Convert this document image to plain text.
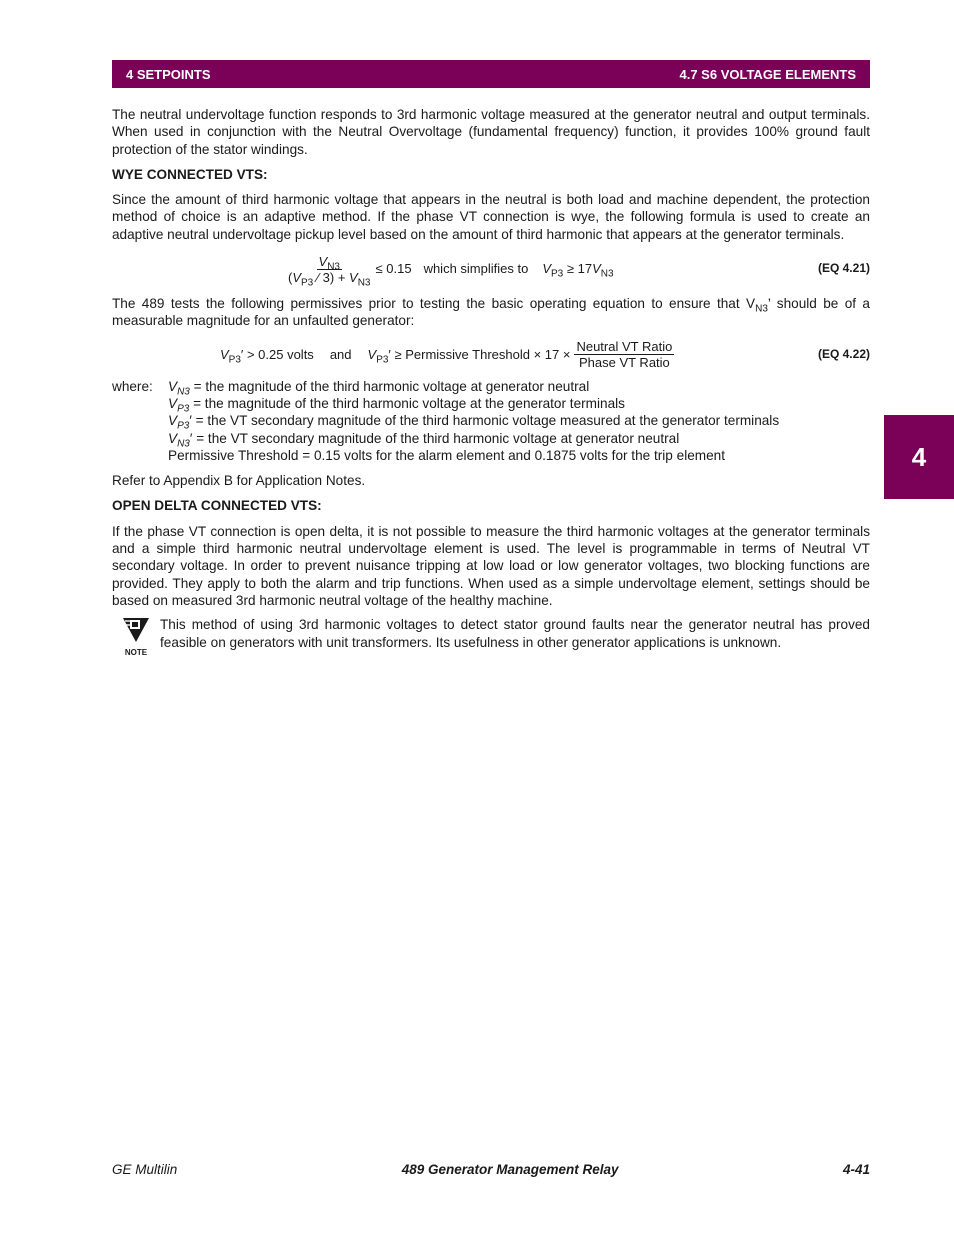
4 SETPOINTS	4.7 S6 VOLTAGE ELEMENTS
4

The neutral undervoltage function responds to 3rd harmonic voltage measured at the generator neutral and output terminals. When used in conjunction with the Neutral Overvoltage (fundamental frequency) function, it provides 100% ground fault protection of the stator windings.

WYE CONNECTED VTS:

Since the amount of third harmonic voltage that appears in the neutral is both load and machine dependent, the protection method of choice is an adaptive method. If the phase VT connection is wye, the following formula is used to create an adaptive neutral undervoltage pickup level based on the amount of third harmonic that appears at the generator terminals.

$\frac{V_{N3}}{(V_{P3} ⁄ 3) + V_{N3}} \le 0.15$ which simplifies to $V_{P3} \ge 17V_{N3}$	(EQ 4.21)

The 489 tests the following permissives prior to testing the basic operating equation to ensure that $V_{N3}$’ should be of a measurable magnitude for an unfaulted generator:

$V_{P3}' > 0.25$ volts and $V_{P3}'$ ≥ Permissive Threshold × $17 \times \frac{\text{Neutral VT Ratio}}{\text{Phase VT Ratio}}$	(EQ 4.22)
where:	$V_{N3}$ = the magnitude of the third harmonic voltage at generator neutral
$V_{P3}$ = the magnitude of the third harmonic voltage at the generator terminals
$V_{P3}'$ = the VT secondary magnitude of the third harmonic voltage measured at the generator terminals
$V_{N3}'$ = the VT secondary magnitude of the third harmonic voltage at generator neutral
Permissive Threshold = 0.15 volts for the alarm element and 0.1875 volts for the trip element

Refer to Appendix B for Application Notes.

OPEN DELTA CONNECTED VTS:

If the phase VT connection is open delta, it is not possible to measure the third harmonic voltages at the generator terminals and a simple third harmonic neutral undervoltage element is used. The level is programmable in terms of Neutral VT secondary voltage. In order to prevent nuisance tripping at low load or low generator voltages, two blocking functions are provided. They apply to both the alarm and trip functions. When used as a simple undervoltage element, settings should be based on measured 3rd harmonic neutral voltage of the healthy machine.

NOTE

This method of using 3rd harmonic voltages to detect stator ground faults near the generator neutral has proved feasible on generators with unit transformers. Its usefulness in other generator applications is unknown.

GE Multilin	489 Generator Management Relay	4-41
